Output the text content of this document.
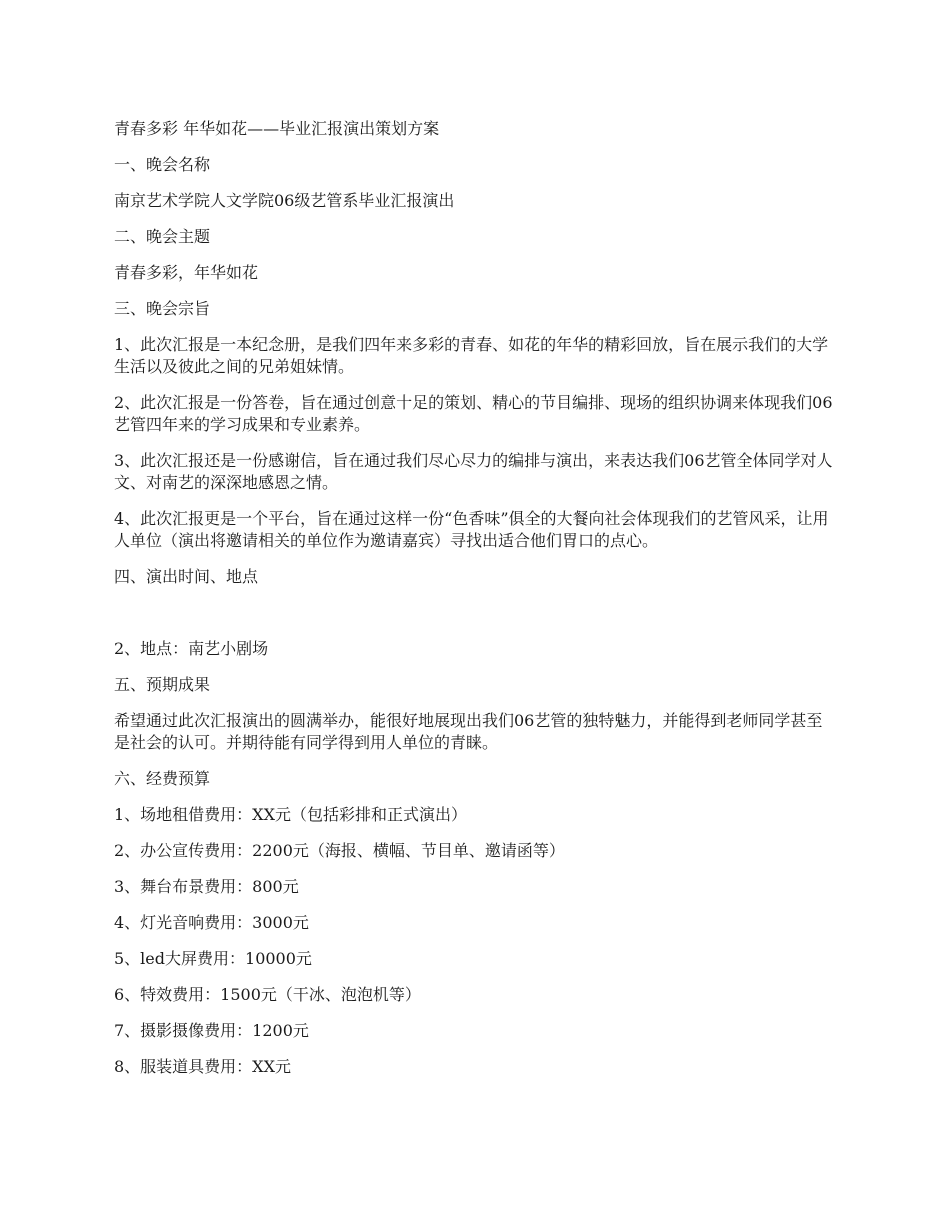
青春多彩 年华如花——毕业汇报演出策划方案

一、晚会名称

南京艺术学院人文学院06级艺管系毕业汇报演出

二、晚会主题

青春多彩，年华如花

三、晚会宗旨

1、此次汇报是一本纪念册，是我们四年来多彩的青春、如花的年华的精彩回放，旨在展示我们的大学生活以及彼此之间的兄弟姐妹情。

2、此次汇报是一份答卷，旨在通过创意十足的策划、精心的节目编排、现场的组织协调来体现我们06艺管四年来的学习成果和专业素养。

3、此次汇报还是一份感谢信，旨在通过我们尽心尽力的编排与演出，来表达我们06艺管全体同学对人文、对南艺的深深地感恩之情。

4、此次汇报更是一个平台，旨在通过这样一份“色香味”俱全的大餐向社会体现我们的艺管风采，让用人单位（演出将邀请相关的单位作为邀请嘉宾）寻找出适合他们胃口的点心。

四、演出时间、地点

2、地点：南艺小剧场

五、预期成果

希望通过此次汇报演出的圆满举办，能很好地展现出我们06艺管的独特魅力，并能得到老师同学甚至是社会的认可。并期待能有同学得到用人单位的青睐。

六、经费预算

1、场地租借费用：XX元（包括彩排和正式演出）

2、办公宣传费用：2200元（海报、横幅、节目单、邀请函等）

3、舞台布景费用：800元

4、灯光音响费用：3000元

5、led大屏费用：10000元

6、特效费用：1500元（干冰、泡泡机等）

7、摄影摄像费用：1200元

8、服装道具费用：XX元
